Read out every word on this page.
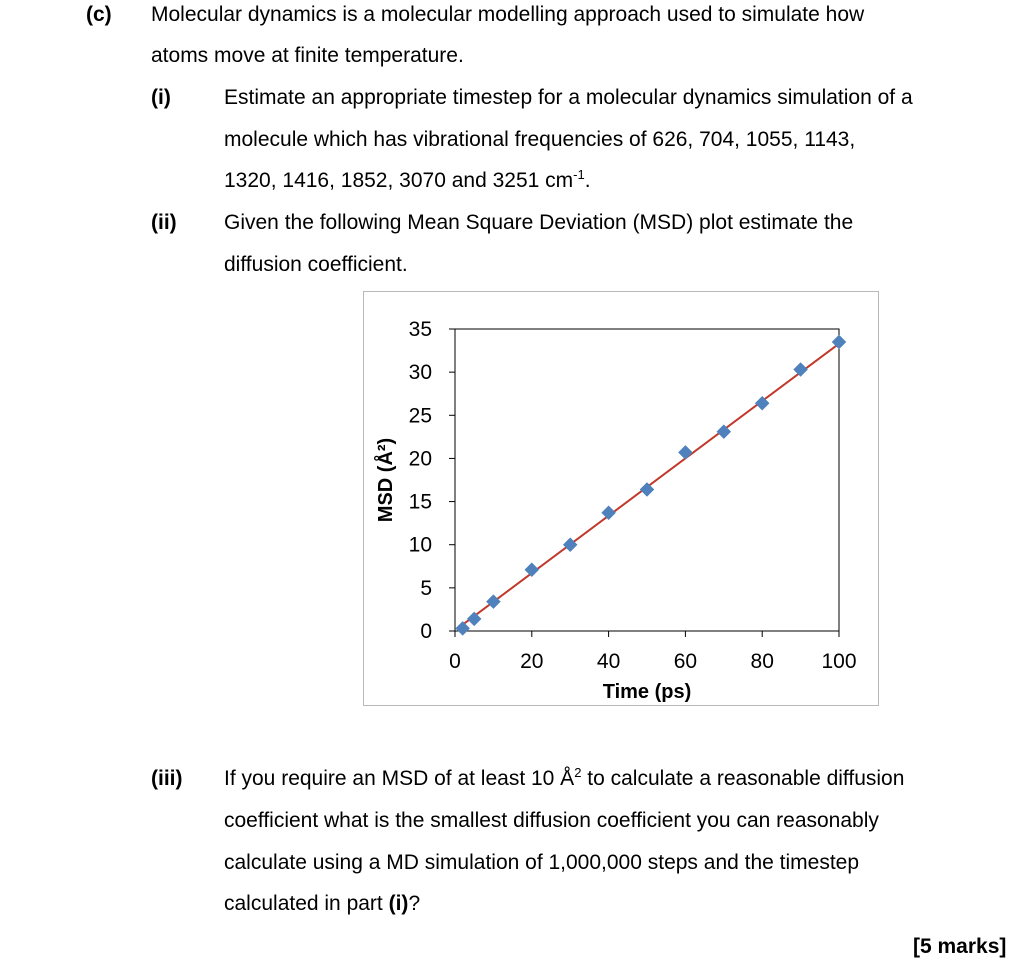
(c) Molecular dynamics is a molecular modelling approach used to simulate how
atoms move at finite temperature.
(i)	Estimate an appropriate timestep for a molecular dynamics simulation of a
molecule which has vibrational frequencies of 626, 704, 1055, 1143,
1320, 1416, 1852, 3070 and 3251 $cm^{-1}$.
(ii) Given the following Mean Square Deviation (MSD) plot estimate the
diffusion coefficient.
0
5
10
15
20
25
30
35
0	20	40	60	80 100
Time (ps)
MSD (Å²)
(iii) If you require an MSD of at least 10 $Å^2$ to calculate a reasonable diffusion
coefficient what is the smallest diffusion coefficient you can reasonably
calculate using a MD simulation of 1,000,000 steps and the timestep
calculated in part (i)?
[5 marks]
